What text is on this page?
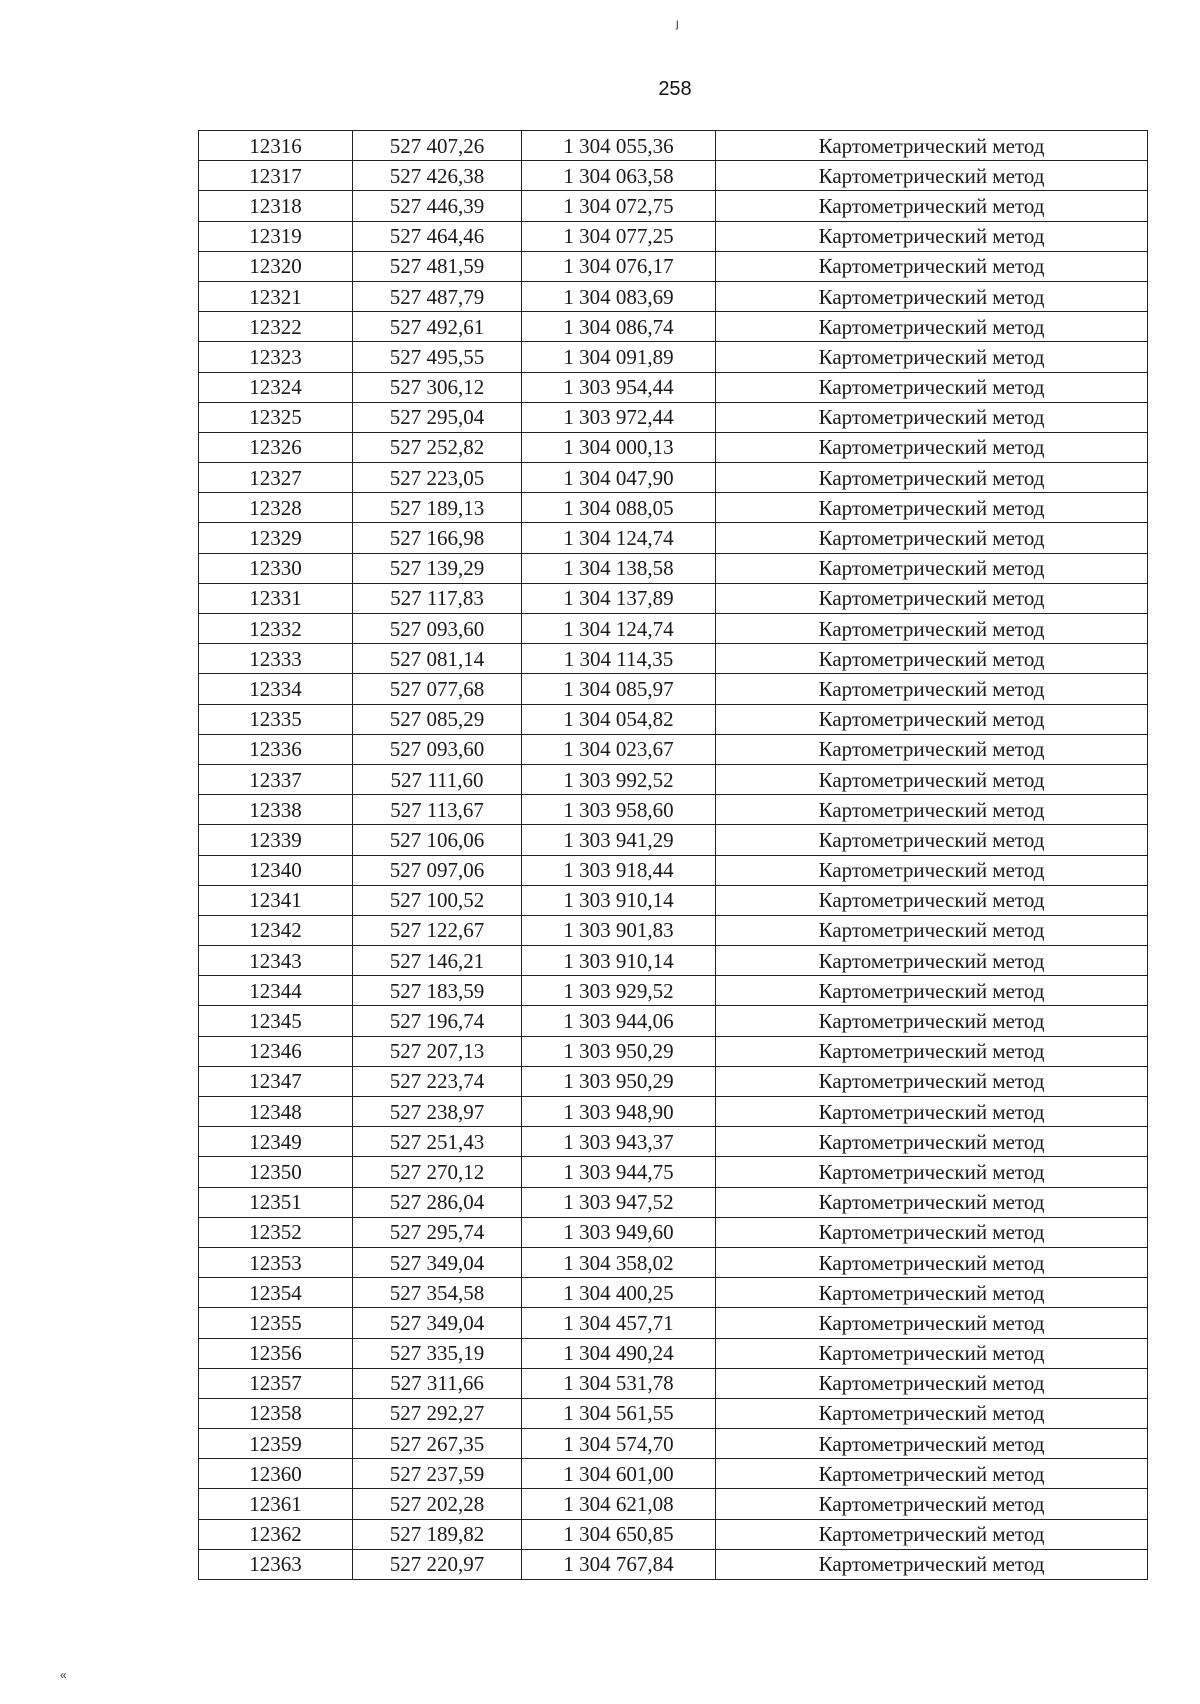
ȷ
258
12316	527 407,26	1 304 055,36	Картометрический метод
12317	527 426,38	1 304 063,58	Картометрический метод
12318	527 446,39	1 304 072,75	Картометрический метод
12319	527 464,46	1 304 077,25	Картометрический метод
12320	527 481,59	1 304 076,17	Картометрический метод
12321	527 487,79	1 304 083,69	Картометрический метод
12322	527 492,61	1 304 086,74	Картометрический метод
12323	527 495,55	1 304 091,89	Картометрический метод
12324	527 306,12	1 303 954,44	Картометрический метод
12325	527 295,04	1 303 972,44	Картометрический метод
12326	527 252,82	1 304 000,13	Картометрический метод
12327	527 223,05	1 304 047,90	Картометрический метод
12328	527 189,13	1 304 088,05	Картометрический метод
12329	527 166,98	1 304 124,74	Картометрический метод
12330	527 139,29	1 304 138,58	Картометрический метод
12331	527 117,83	1 304 137,89	Картометрический метод
12332	527 093,60	1 304 124,74	Картометрический метод
12333	527 081,14	1 304 114,35	Картометрический метод
12334	527 077,68	1 304 085,97	Картометрический метод
12335	527 085,29	1 304 054,82	Картометрический метод
12336	527 093,60	1 304 023,67	Картометрический метод
12337	527 111,60	1 303 992,52	Картометрический метод
12338	527 113,67	1 303 958,60	Картометрический метод
12339	527 106,06	1 303 941,29	Картометрический метод
12340	527 097,06	1 303 918,44	Картометрический метод
12341	527 100,52	1 303 910,14	Картометрический метод
12342	527 122,67	1 303 901,83	Картометрический метод
12343	527 146,21	1 303 910,14	Картометрический метод
12344	527 183,59	1 303 929,52	Картометрический метод
12345	527 196,74	1 303 944,06	Картометрический метод
12346	527 207,13	1 303 950,29	Картометрический метод
12347	527 223,74	1 303 950,29	Картометрический метод
12348	527 238,97	1 303 948,90	Картометрический метод
12349	527 251,43	1 303 943,37	Картометрический метод
12350	527 270,12	1 303 944,75	Картометрический метод
12351	527 286,04	1 303 947,52	Картометрический метод
12352	527 295,74	1 303 949,60	Картометрический метод
12353	527 349,04	1 304 358,02	Картометрический метод
12354	527 354,58	1 304 400,25	Картометрический метод
12355	527 349,04	1 304 457,71	Картометрический метод
12356	527 335,19	1 304 490,24	Картометрический метод
12357	527 311,66	1 304 531,78	Картометрический метод
12358	527 292,27	1 304 561,55	Картометрический метод
12359	527 267,35	1 304 574,70	Картометрический метод
12360	527 237,59	1 304 601,00	Картометрический метод
12361	527 202,28	1 304 621,08	Картометрический метод
12362	527 189,82	1 304 650,85	Картометрический метод
12363	527 220,97	1 304 767,84	Картометрический метод
«
